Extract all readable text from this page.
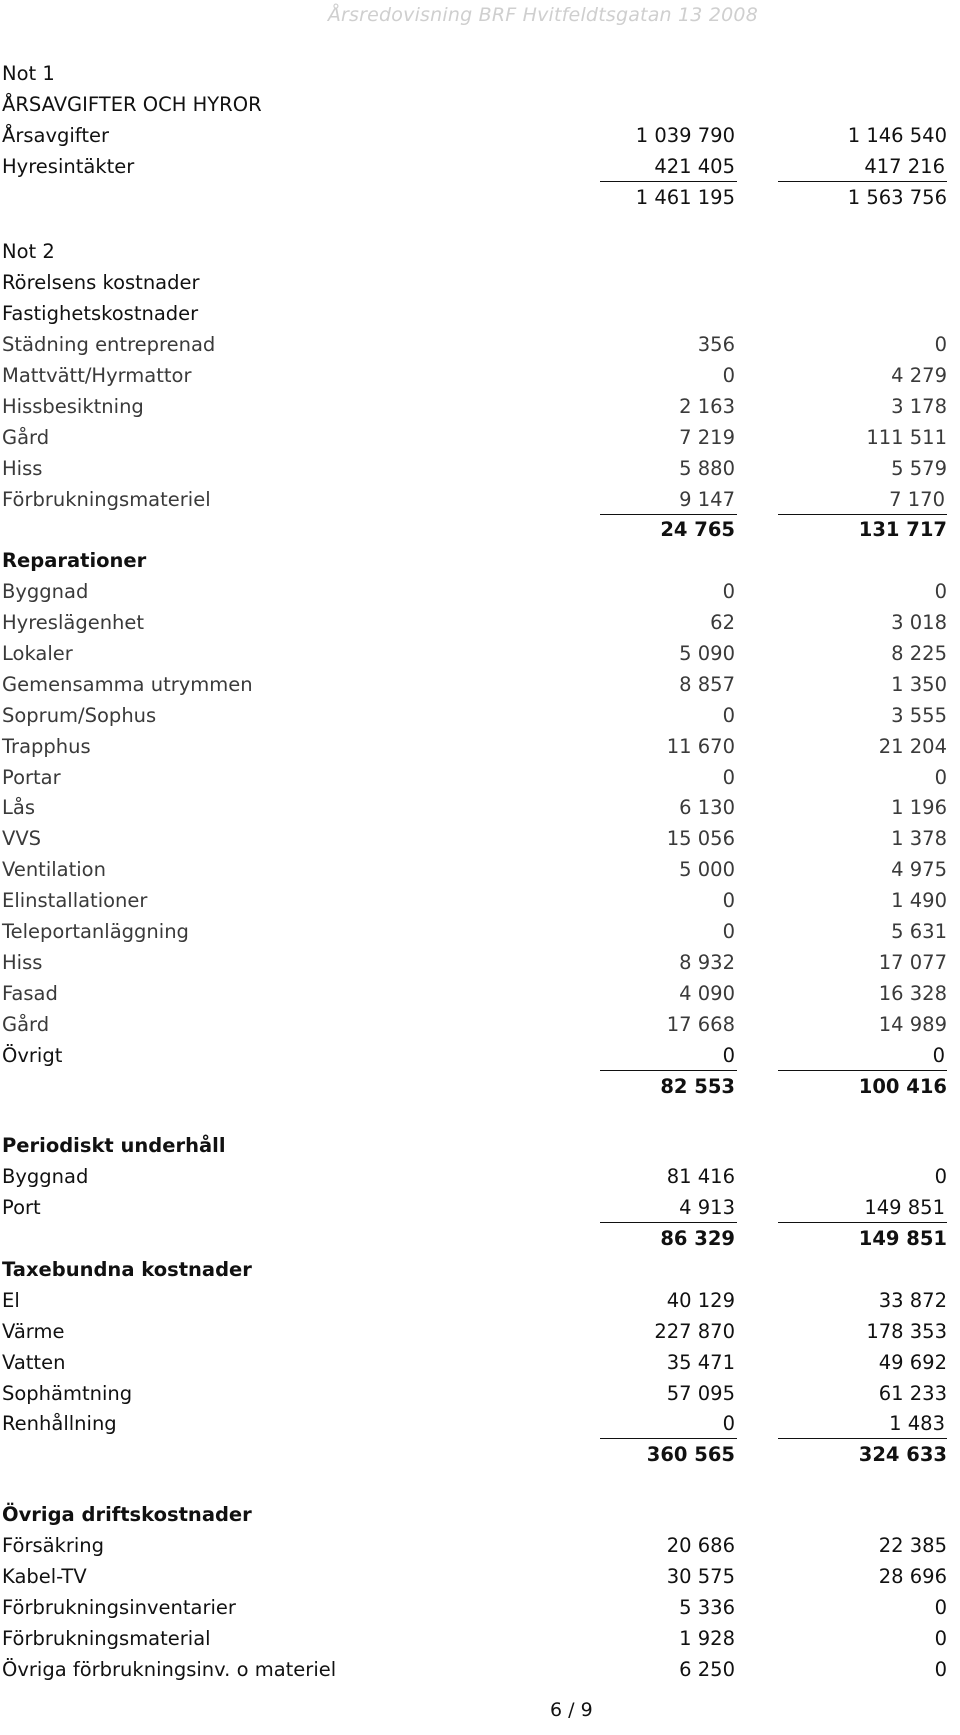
Årsredovisning BRF Hvitfeldtsgatan 13 2008
Not 1
ÅRSAVGIFTER OCH HYROR
Årsavgifter	1 039 790	1 146 540
Hyresintäkter	421 405	417 216
1 461 195	1 563 756
Not 2
Rörelsens kostnader
Fastighetskostnader
Städning entreprenad	356	0
Mattvätt/Hyrmattor	0	4 279
Hissbesiktning	2 163	3 178
Gård	7 219	111 511
Hiss	5 880	5 579
Förbrukningsmateriel	9 147	7 170
24 765	131 717
Reparationer
Byggnad	0	0
Hyreslägenhet	62	3 018
Lokaler	5 090	8 225
Gemensamma utrymmen	8 857	1 350
Soprum/Sophus	0	3 555
Trapphus	11 670	21 204
Portar	0	0
Lås	6 130	1 196
VVS	15 056	1 378
Ventilation	5 000	4 975
Elinstallationer	0	1 490
Teleportanläggning	0	5 631
Hiss	8 932	17 077
Fasad	4 090	16 328
Gård	17 668	14 989
Övrigt	0	0
82 553	100 416
Periodiskt underhåll
Byggnad	81 416	0
Port	4 913	149 851
86 329	149 851
Taxebundna kostnader
El	40 129	33 872
Värme	227 870	178 353
Vatten	35 471	49 692
Sophämtning	57 095	61 233
Renhållning	0	1 483
360 565	324 633
Övriga driftskostnader
Försäkring	20 686	22 385
Kabel-TV	30 575	28 696
Förbrukningsinventarier	5 336	0
Förbrukningsmaterial	1 928	0
Övriga förbrukningsinv. o materiel	6 250	0
6 / 9
